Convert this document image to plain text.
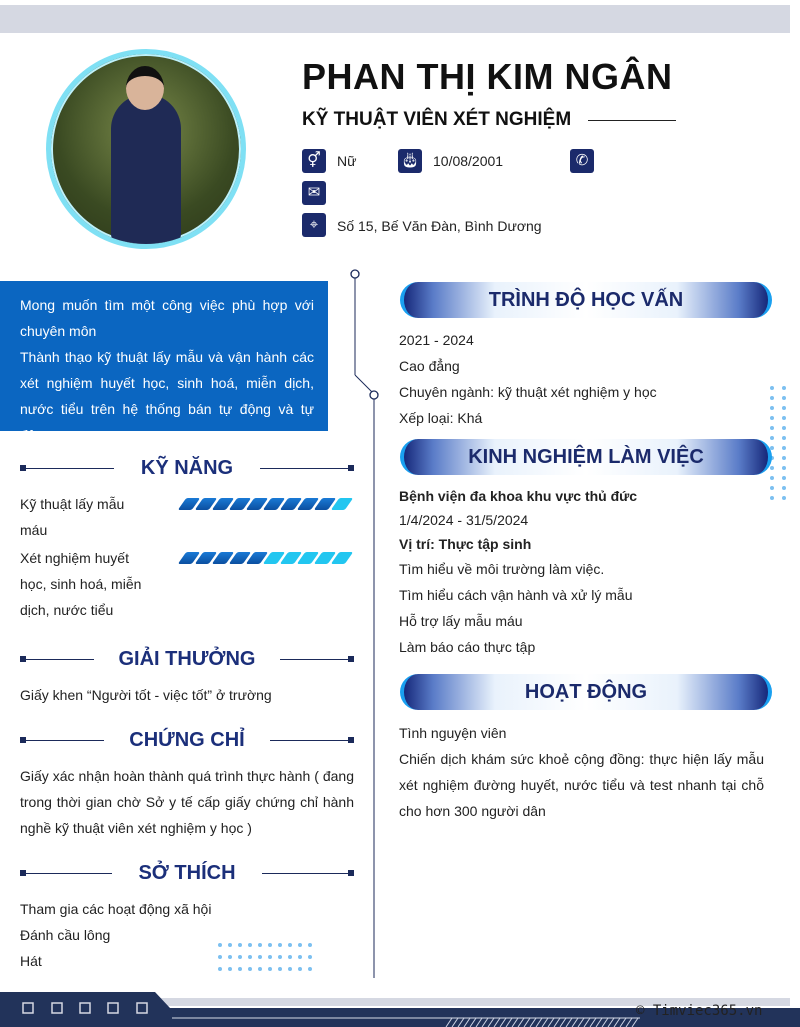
PHAN THỊ KIM NGÂN
KỸ THUẬT VIÊN XÉT NGHIỆM
⚥	Nữ	🎂︎ 10/08/2001	✆
✉
⌖	Số 15, Bế Văn Đàn, Bình Dương
Mong muốn tìm một công việc phù hợp với chuyên môn
Thành thạo kỹ thuật lấy mẫu và vận hành các xét nghiệm huyết học, sinh hoá, miễn dịch, nước tiểu trên hệ thống bán tự động và tự động
KỸ NĂNG
Kỹ thuật lấy mẫu máu
Xét nghiệm huyết học, sinh hoá, miễn dịch, nước tiểu
GIẢI THƯỞNG
Giấy khen “Người tốt - việc tốt” ở trường
CHỨNG CHỈ
Giấy xác nhận hoàn thành quá trình thực hành ( đang trong thời gian chờ Sở y tế cấp giấy chứng chỉ hành nghề kỹ thuật viên xét nghiệm y học )
SỞ THÍCH
Tham gia các hoạt động xã hội
Đánh cầu lông
Hát
TRÌNH ĐỘ HỌC VẤN
2021 - 2024
Cao đẳng
Chuyên ngành: kỹ thuật xét nghiệm y học
Xếp loại: Khá
KINH NGHIỆM LÀM VIỆC
Bệnh viện đa khoa khu vực thủ đức
1/4/2024 - 31/5/2024
Vị trí: Thực tập sinh
Tìm hiểu về môi trường làm việc.
Tìm hiểu cách vận hành và xử lý mẫu
Hỗ trợ lấy mẫu máu
Làm báo cáo thực tập
HOẠT ĐỘNG
Tình nguyện viên
Chiến dịch khám sức khoẻ cộng đồng: thực hiện lấy mẫu xét nghiệm đường huyết, nước tiểu và test nhanh tại chỗ cho hơn 300 người dân
© Timviec365.vn
